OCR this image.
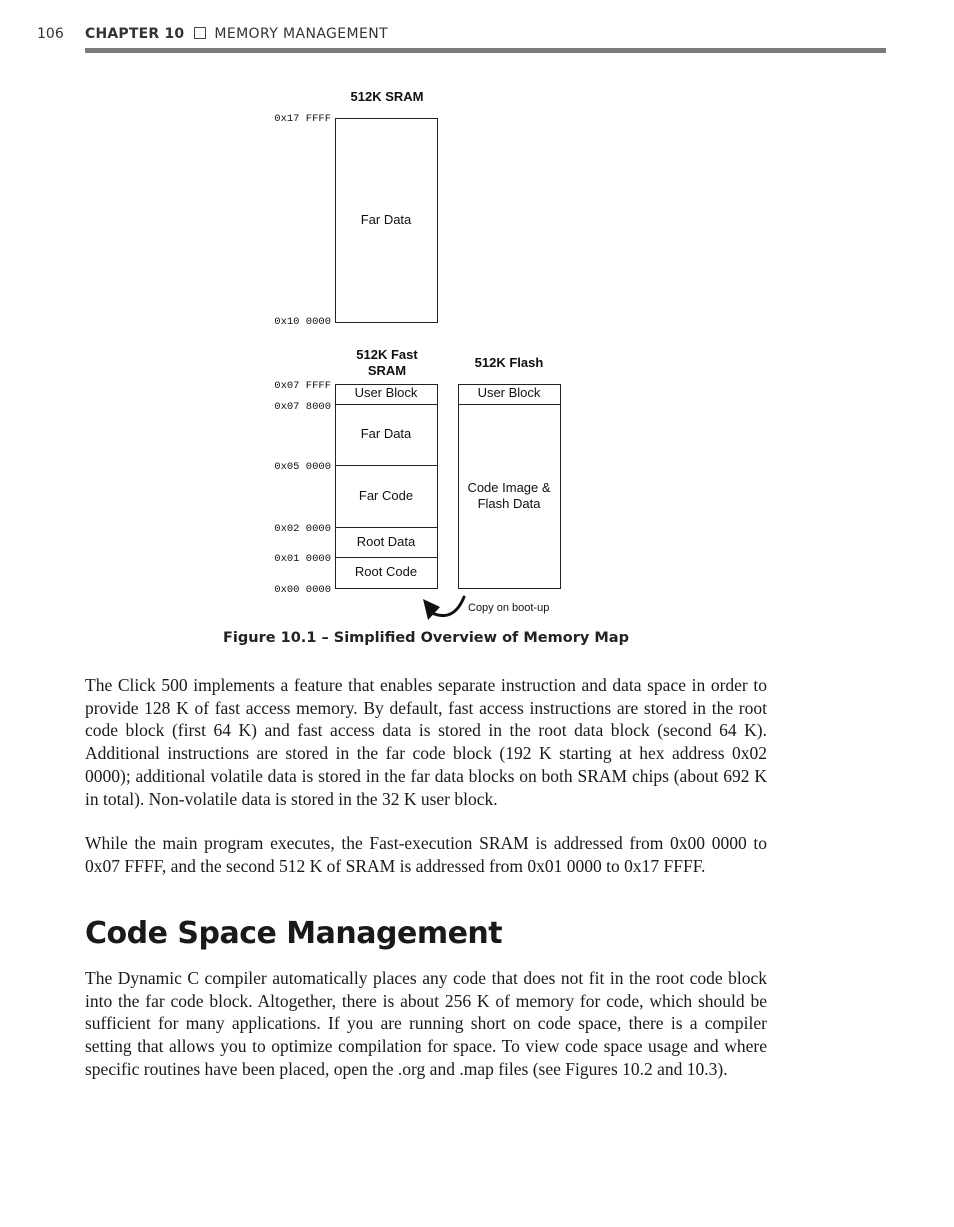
106 CHAPTER 10 MEMORY MANAGEMENT
512K SRAM
0x17 FFFF
Far Data
0x10 0000
512K Fast
SRAM
0x07 FFFF
0x07 8000
0x05 0000
0x02 0000
0x01 0000
0x00 0000
User Block
Far Data
Far Code
Root Data
Root Code
512K Flash
User Block
Code Image &
Flash Data
Copy on boot-up
Figure 10.1 – Simplified Overview of Memory Map

The Click 500 implements a feature that enables separate instruction and data space in order to provide 128 K of fast access memory. By default, fast access instructions are stored in the root code block (first 64 K) and fast access data is stored in the root data block (second 64 K). Additional instructions are stored in the far code block (192 K starting at hex address 0x02 0000); additional volatile data is stored in the far data blocks on both SRAM chips (about 692 K in total). Non-volatile data is stored in the 32 K user block.

While the main program executes, the Fast-execution SRAM is addressed from 0x00 0000 to 0x07 FFFF, and the second 512 K of SRAM is addressed from 0x01 0000 to 0x17 FFFF.

Code Space Management

The Dynamic C compiler automatically places any code that does not fit in the root code block into the far code block. Altogether, there is about 256 K of memory for code, which should be sufficient for many applications. If you are running short on code space, there is a compiler setting that allows you to optimize compilation for space. To view code space usage and where specific routines have been placed, open the .org and .map files (see Figures 10.2 and 10.3).
